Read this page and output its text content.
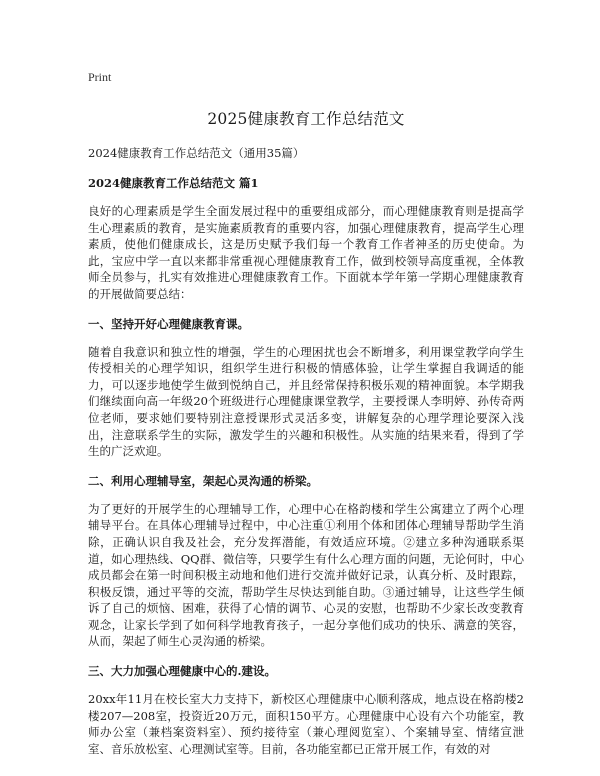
Print
2025健康教育工作总结范文
2024健康教育工作总结范文（通用35篇）
2024健康教育工作总结范文 篇1

良好的心理素质是学生全面发展过程中的重要组成部分，而心理健康教育则是提高学生心理素质的教育，是实施素质教育的重要内容，加强心理健康教育，提高学生心理素质，使他们健康成长，这是历史赋予我们每一个教育工作者神圣的历史使命。为此，宝应中学一直以来都非常重视心理健康教育工作，做到校领导高度重视，全体教师全员参与，扎实有效推进心理健康教育工作。下面就本学年第一学期心理健康教育的开展做简要总结：

一、坚持开好心理健康教育课。

随着自我意识和独立性的增强，学生的心理困扰也会不断增多，利用课堂教学向学生传授相关的心理学知识，组织学生进行积极的情感体验，让学生掌握自我调适的能力，可以逐步地使学生做到悦纳自己，并且经常保持积极乐观的精神面貌。本学期我们继续面向高一年级20个班级进行心理健康课堂教学，主要授课人李明婷、孙传奇两位老师，要求她们要特别注意授课形式灵活多变，讲解复杂的心理学理论要深入浅出，注意联系学生的实际，激发学生的兴趣和积极性。从实施的结果来看，得到了学生的广泛欢迎。

二、利用心理辅导室，架起心灵沟通的桥梁。

为了更好的开展学生的心理辅导工作，心理中心在格韵楼和学生公寓建立了两个心理辅导平台。在具体心理辅导过程中，中心注重①利用个体和团体心理辅导帮助学生消除，正确认识自我及社会，充分发挥潜能，有效适应环境。②建立多种沟通联系渠道，如心理热线、QQ群、微信等，只要学生有什么心理方面的问题，无论何时，中心成员都会在第一时间积极主动地和他们进行交流并做好记录，认真分析、及时跟踪，积极反馈，通过平等的交流，帮助学生尽快达到能自助。③通过辅导，让这些学生倾诉了自己的烦恼、困难，获得了心情的调节、心灵的安慰，也帮助不少家长改变教育观念，让家长学到了如何科学地教育孩子，一起分享他们成功的快乐、满意的笑容，从而，架起了师生心灵沟通的桥梁。

三、大力加强心理健康中心的.建设。

20xx年11月在校长室大力支持下，新校区心理健康中心顺利落成，地点设在格韵楼2楼207—208室，投资近20万元，面积150平方。心理健康中心设有六个功能室，教师办公室（兼档案资料室）、预约接待室（兼心理阅览室）、个案辅导室、情绪宣泄室、音乐放松室、心理测试室等。目前，各功能室都已正常开展工作，有效的对
